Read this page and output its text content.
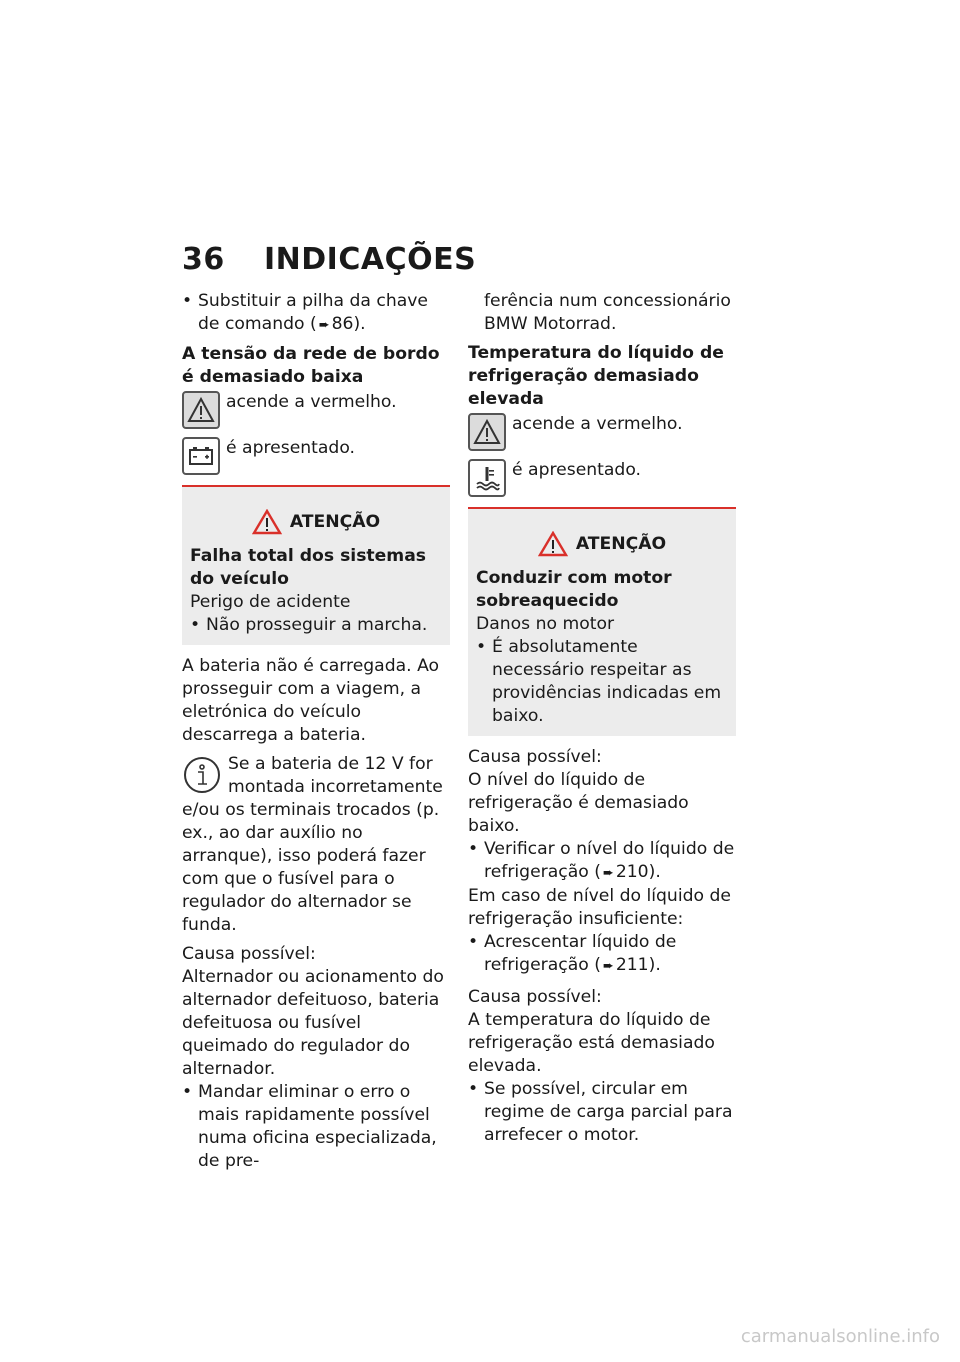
36 INDICAÇÕES
• Substituir a pilha da chave de comando ( ➨ 86).
A tensão da rede de bordo é demasiado baixa
acende a vermelho.
é apresentado.
ATENÇÃO
Falha total dos sistemas do veículo
Perigo de acidente
• Não prosseguir a marcha.
A bateria não é carregada. Ao prosseguir com a viagem, a eletrónica do veículo descarrega a bateria.
Se a bateria de 12 V for montada incorretamente e/ou os terminais trocados (p. ex., ao dar auxílio no arranque), isso poderá fazer com que o fusível para o regulador do alternador se funda.
Causa possível:
Alternador ou acionamento do alternador defeituoso, bateria defeituosa ou fusível queimado do regulador do alternador.
• Mandar eliminar o erro o mais rapidamente possível numa oficina especializada, de pre-
ferência num concessionário BMW Motorrad.
Temperatura do líquido de refrigeração demasiado elevada
acende a vermelho.
é apresentado.
ATENÇÃO
Conduzir com motor sobreaquecido
Danos no motor
• É absolutamente necessário respeitar as providências indicadas em baixo.
Causa possível:
O nível do líquido de refrigeração é demasiado baixo.
• Verificar o nível do líquido de refrigeração ( ➨ 210).
Em caso de nível do líquido de refrigeração insuficiente:
• Acrescentar líquido de refrigeração ( ➨ 211).
Causa possível:
A temperatura do líquido de refrigeração está demasiado elevada.
• Se possível, circular em regime de carga parcial para arrefecer o motor.
carmanualsonline.info
